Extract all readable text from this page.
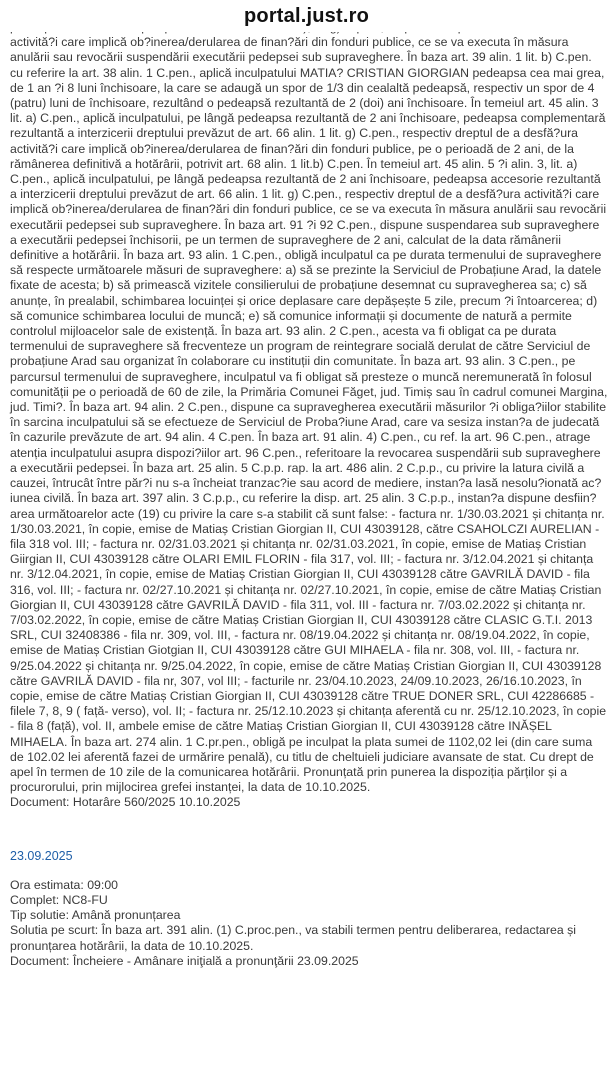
portal.just.ro

activită?i care implică ob?inerea/derularea de finan?ări din fonduri publice, ce se va executa în măsura anulării sau revocării suspendării executării pedepsei sub supraveghere. În baza art. 39 alin. 1 lit. b) C.pen. cu referire la art. 38 alin. 1 C.pen., aplică inculpatului MATIA? CRISTIAN GIORGIAN pedeapsa cea mai grea, de 1 an ?i 8 luni închisoare, la care se adaugă un spor de 1/3 din cealaltă pedeapsă, respectiv un spor de 4 (patru) luni de închisoare, rezultând o pedeapsă rezultantă de 2 (doi) ani închisoare. În temeiul art. 45 alin. 3 lit. a) C.pen., aplică inculpatului, pe lângă pedeapsa rezultantă de 2 ani închisoare, pedeapsa complementară rezultantă a interzicerii dreptului prevăzut de art. 66 alin. 1 lit. g) C.pen., respectiv dreptul de a desfă?ura activită?i care implică ob?inerea/derularea de finan?ări din fonduri publice, pe o perioadă de 2 ani, de la rămânerea definitivă a hotărârii, potrivit art. 68 alin. 1 lit.b) C.pen. În temeiul art. 45 alin. 5 ?i alin. 3, lit. a) C.pen., aplică inculpatului, pe lângă pedeapsa rezultantă de 2 ani închisoare, pedeapsa accesorie rezultantă a interzicerii dreptului prevăzut de art. 66 alin. 1 lit. g) C.pen., respectiv dreptul de a desfă?ura activită?i care implică ob?inerea/derularea de finan?ări din fonduri publice, ce se va executa în măsura anulării sau revocării executării pedepsei sub supraveghere. În baza art. 91 ?i 92 C.pen., dispune suspendarea sub supraveghere a executării pedepsei închisorii, pe un termen de supraveghere de 2 ani, calculat de la data rămânerii definitive a hotărârii. În baza art. 93 alin. 1 C.pen., obligă inculpatul ca pe durata termenului de supraveghere să respecte următoarele măsuri de supraveghere: a) să se prezinte la Serviciul de Probațiune Arad, la datele fixate de acesta; b) să primească vizitele consilierului de probațiune desemnat cu supravegherea sa; c) să anunțe, în prealabil, schimbarea locuinței și orice deplasare care depășește 5 zile, precum ?i întoarcerea; d) să comunice schimbarea locului de muncă; e) să comunice informații și documente de natură a permite controlul mijloacelor sale de existență. În baza art. 93 alin. 2 C.pen., acesta va fi obligat ca pe durata termenului de supraveghere să frecventeze un program de reintegrare socială derulat de către Serviciul de probațiune Arad sau organizat în colaborare cu instituții din comunitate. În baza art. 93 alin. 3 C.pen., pe parcursul termenului de supraveghere, inculpatul va fi obligat să presteze o muncă neremunerată în folosul comunității pe o perioadă de 60 de zile, la Primăria Comunei Făget, jud. Timiș sau în cadrul comunei Margina, jud. Timi?. În baza art. 94 alin. 2 C.pen., dispune ca supravegherea executării măsurilor ?i obliga?iilor stabilite în sarcina inculpatului să se efectueze de Serviciul de Proba?iune Arad, care va sesiza instan?a de judecată în cazurile prevăzute de art. 94 alin. 4 C.pen. În baza art. 91 alin. 4) C.pen., cu ref. la art. 96 C.pen., atrage atenția inculpatului asupra dispozi?iilor art. 96 C.pen., referitoare la revocarea suspendării sub supraveghere a executării pedepsei. În baza art. 25 alin. 5 C.p.p. rap. la art. 486 alin. 2 C.p.p., cu privire la latura civilă a cauzei, întrucât între păr?i nu s-a încheiat tranzac?ie sau acord de mediere, instan?a lasă nesolu?ionată ac?iunea civilă. În baza art. 397 alin. 3 C.p.p., cu referire la disp. art. 25 alin. 3 C.p.p., instan?a dispune desfiin?area următoarelor acte (19) cu privire la care s-a stabilit că sunt false: - factura nr. 1/30.03.2021 și chitanța nr. 1/30.03.2021, în copie, emise de Matiaș Cristian Giorgian II, CUI 43039128, către CSAHOLCZI AURELIAN - fila 318 vol. III; - factura nr. 02/31.03.2021 și chitanța nr. 02/31.03.2021, în copie, emise de Matiaș Cristian Giirgian II, CUI 43039128 către OLARI EMIL FLORIN - fila 317, vol. III; - factura nr. 3/12.04.2021 și chitanța nr. 3/12.04.2021, în copie, emise de Matiaș Cristian Giorgian II, CUI 43039128 către GAVRILĂ DAVID - fila 316, vol. III; - factura nr. 02/27.10.2021 și chitanța nr. 02/27.10.2021, în copie, emise de către Matiaș Cristian Giorgian II, CUI 43039128 către GAVRILĂ DAVID - fila 311, vol. III - factura nr. 7/03.02.2022 și chitanța nr. 7/03.02.2022, în copie, emise de către Matiaș Cristian Giorgian II, CUI 43039128 către CLASIC G.T.I. 2013 SRL, CUI 32408386 - fila nr. 309, vol. III, - factura nr. 08/19.04.2022 și chitanța nr. 08/19.04.2022, în copie, emise de Matiaș Cristian Giotgian II, CUI 43039128 către GUI MIHAELA - fila nr. 308, vol. III, - factura nr. 9/25.04.2022 și chitanța nr. 9/25.04.2022, în copie, emise de către Matiaș Cristian Giorgian II, CUI 43039128 către GAVRILĂ DAVID - fila nr, 307, vol III; - facturile nr. 23/04.10.2023, 24/09.10.2023, 26/16.10.2023, în copie, emise de către Matiaș Cristian Giorgian II, CUI 43039128 către TRUE DONER SRL, CUI 42286685 - filele 7, 8, 9 ( față- verso), vol. II; - factura nr. 25/12.10.2023 și chitanța aferentă cu nr. 25/12.10.2023, în copie - fila 8 (față), vol. II, ambele emise de către Matiaș Cristian Giorgian II, CUI 43039128 către INĂȘEL MIHAELA. În baza art. 274 alin. 1 C.pr.pen., obligă pe inculpat la plata sumei de 1102,02 lei (din care suma de 102.02 lei aferentă fazei de urmărire penală), cu titlu de cheltuieli judiciare avansate de stat. Cu drept de apel în termen de 10 zile de la comunicarea hotărârii. Pronunțată prin punerea la dispoziția părților și a procurorului, prin mijlocirea grefei instanței, la data de 10.10.2025.

Document: Hotarâre 560/2025 10.10.2025
23.09.2025
Ora estimata: 09:00
Complet: NC8-FU
Tip solutie: Amână pronunțarea
Solutia pe scurt: În baza art. 391 alin. (1) C.proc.pen., va stabili termen pentru deliberarea, redactarea și pronunțarea hotărârii, la data de 10.10.2025.
Document: Încheiere - Amânare iniţială a pronunţării 23.09.2025
